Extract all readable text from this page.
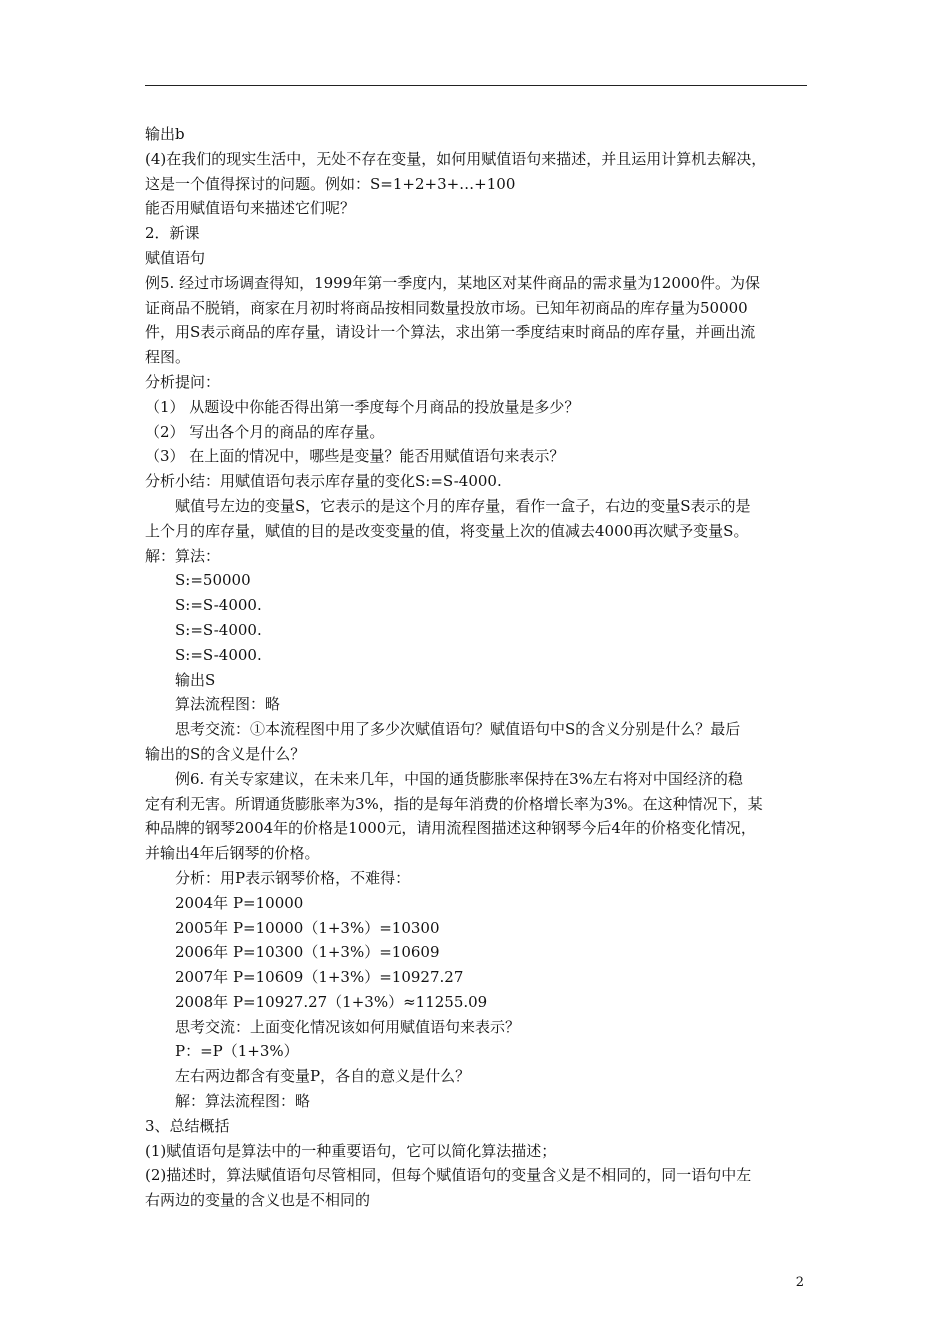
输出b
(4)在我们的现实生活中，无处不存在变量，如何用赋值语句来描述，并且运用计算机去解决，
这是一个值得探讨的问题。例如：S=1+2+3+…+100
能否用赋值语句来描述它们呢？
2．新课
赋值语句
例5. 经过市场调查得知，1999年第一季度内，某地区对某件商品的需求量为12000件。为保
证商品不脱销，商家在月初时将商品按相同数量投放市场。已知年初商品的库存量为50000
件，用S表示商品的库存量，请设计一个算法，求出第一季度结束时商品的库存量，并画出流
程图。
分析提问：
（1） 从题设中你能否得出第一季度每个月商品的投放量是多少？
（2） 写出各个月的商品的库存量。
（3） 在上面的情况中，哪些是变量？能否用赋值语句来表示？
分析小结：用赋值语句表示库存量的变化S:=S-4000.
赋值号左边的变量S，它表示的是这个月的库存量，看作一盒子，右边的变量S表示的是
上个月的库存量，赋值的目的是改变变量的值，将变量上次的值减去4000再次赋予变量S。
解：算法：
S:=50000
S:=S-4000.
S:=S-4000.
S:=S-4000.
输出S
算法流程图：略
思考交流：①本流程图中用了多少次赋值语句？赋值语句中S的含义分别是什么？最后
输出的S的含义是什么？
例6. 有关专家建议，在未来几年，中国的通货膨胀率保持在3%左右将对中国经济的稳
定有利无害。所谓通货膨胀率为3%，指的是每年消费的价格增长率为3%。在这种情况下，某
种品牌的钢琴2004年的价格是1000元，请用流程图描述这种钢琴今后4年的价格变化情况，
并输出4年后钢琴的价格。
分析：用P表示钢琴价格，不难得：
2004年 P=10000
2005年 P=10000（1+3%）=10300
2006年 P=10300（1+3%）=10609
2007年 P=10609（1+3%）=10927.27
2008年 P=10927.27（1+3%）≈11255.09
思考交流：上面变化情况该如何用赋值语句来表示？
P：=P（1+3%）
左右两边都含有变量P，各自的意义是什么？
解：算法流程图：略
3、总结概括
(1)赋值语句是算法中的一种重要语句，它可以简化算法描述；
(2)描述时，算法赋值语句尽管相同，但每个赋值语句的变量含义是不相同的，同一语句中左
右两边的变量的含义也是不相同的
2
